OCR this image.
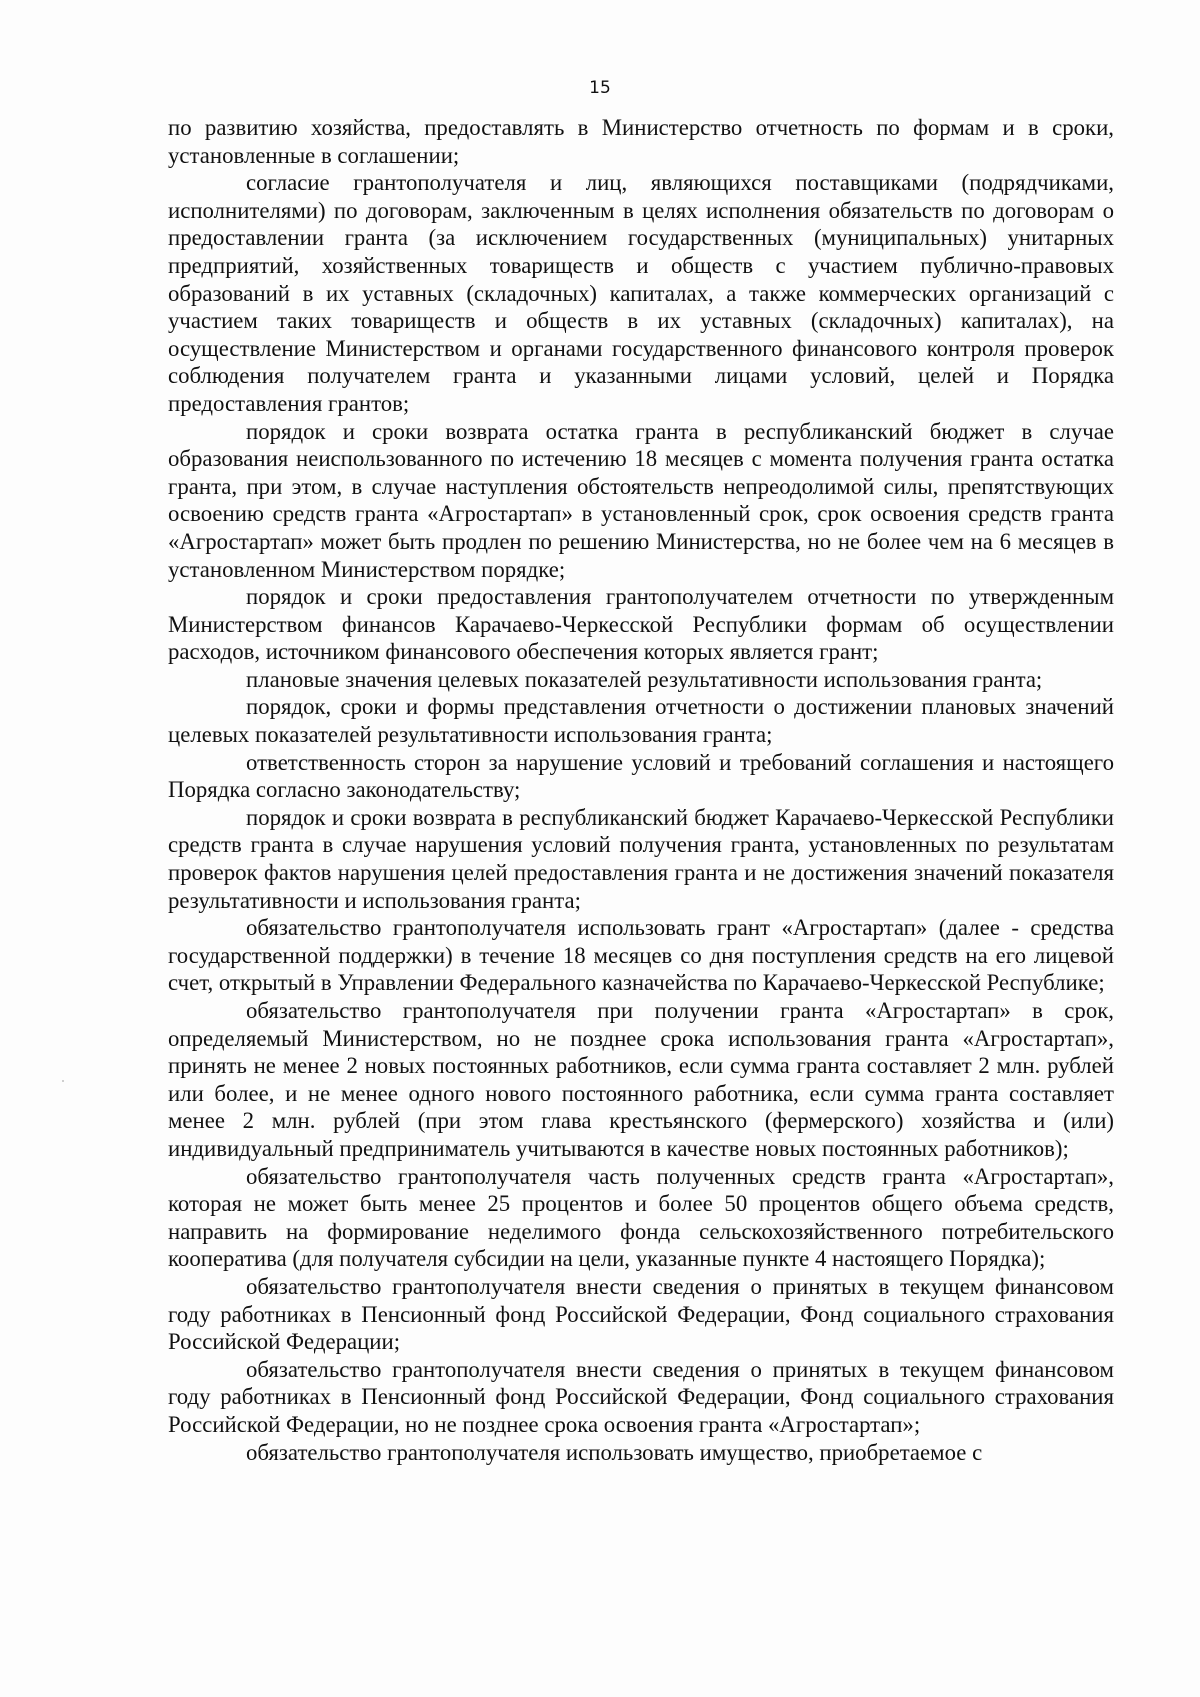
15

по развитию хозяйства, предоставлять в Министерство отчетность по формам и в сроки, установленные в соглашении;

согласие грантополучателя и лиц, являющихся поставщиками (подрядчиками, исполнителями) по договорам, заключенным в целях исполнения обязательств по договорам о предоставлении гранта (за исключением государственных (муниципальных) унитарных предприятий, хозяйственных товариществ и обществ с участием публично-правовых образований в их уставных (складочных) капиталах, а также коммерческих организаций с участием таких товариществ и обществ в их уставных (складочных) капиталах), на осуществление Министерством и органами государственного финансового контроля проверок соблюдения получателем гранта и указанными лицами условий, целей и Порядка предоставления грантов;

порядок и сроки возврата остатка гранта в республиканский бюджет в случае образования неиспользованного по истечению 18 месяцев с момента получения гранта остатка гранта, при этом, в случае наступления обстоятельств непреодолимой силы, препятствующих освоению средств гранта «Агростартап» в установленный срок, срок освоения средств гранта «Агростартап» может быть продлен по решению Министерства, но не более чем на 6 месяцев в установленном Министерством порядке;

порядок и сроки предоставления грантополучателем отчетности по утвержденным Министерством финансов Карачаево-Черкесской Республики формам об осуществлении расходов, источником финансового обеспечения которых является грант;

плановые значения целевых показателей результативности использования гранта;

порядок, сроки и формы представления отчетности о достижении плановых значений целевых показателей результативности использования гранта;

ответственность сторон за нарушение условий и требований соглашения и настоящего Порядка согласно законодательству;

порядок и сроки возврата в республиканский бюджет Карачаево-Черкесской Республики средств гранта в случае нарушения условий получения гранта, установленных по результатам проверок фактов нарушения целей предоставления гранта и не достижения значений показателя результативности и использования гранта;

обязательство грантополучателя использовать грант «Агростартап» (далее - средства государственной поддержки) в течение 18 месяцев со дня поступления средств на его лицевой счет, открытый в Управлении Федерального казначейства по Карачаево-Черкесской Республике;

обязательство грантополучателя при получении гранта «Агростартап» в срок, определяемый Министерством, но не позднее срока использования гранта «Агростартап», принять не менее 2 новых постоянных работников, если сумма гранта составляет 2 млн. рублей или более, и не менее одного нового постоянного работника, если сумма гранта составляет менее 2 млн. рублей (при этом глава крестьянского (фермерского) хозяйства и (или) индивидуальный предприниматель учитываются в качестве новых постоянных работников);

обязательство грантополучателя часть полученных средств гранта «Агростартап», которая не может быть менее 25 процентов и более 50 процентов общего объема средств, направить на формирование неделимого фонда сельскохозяйственного потребительского кооператива (для получателя субсидии на цели, указанные пункте 4 настоящего Порядка);

обязательство грантополучателя внести сведения о принятых в текущем финансовом году работниках в Пенсионный фонд Российской Федерации, Фонд социального страхования Российской Федерации;

обязательство грантополучателя внести сведения о принятых в текущем финансовом году работниках в Пенсионный фонд Российской Федерации, Фонд социального страхования Российской Федерации, но не позднее срока освоения гранта «Агростартап»;

обязательство грантополучателя использовать имущество, приобретаемое с
